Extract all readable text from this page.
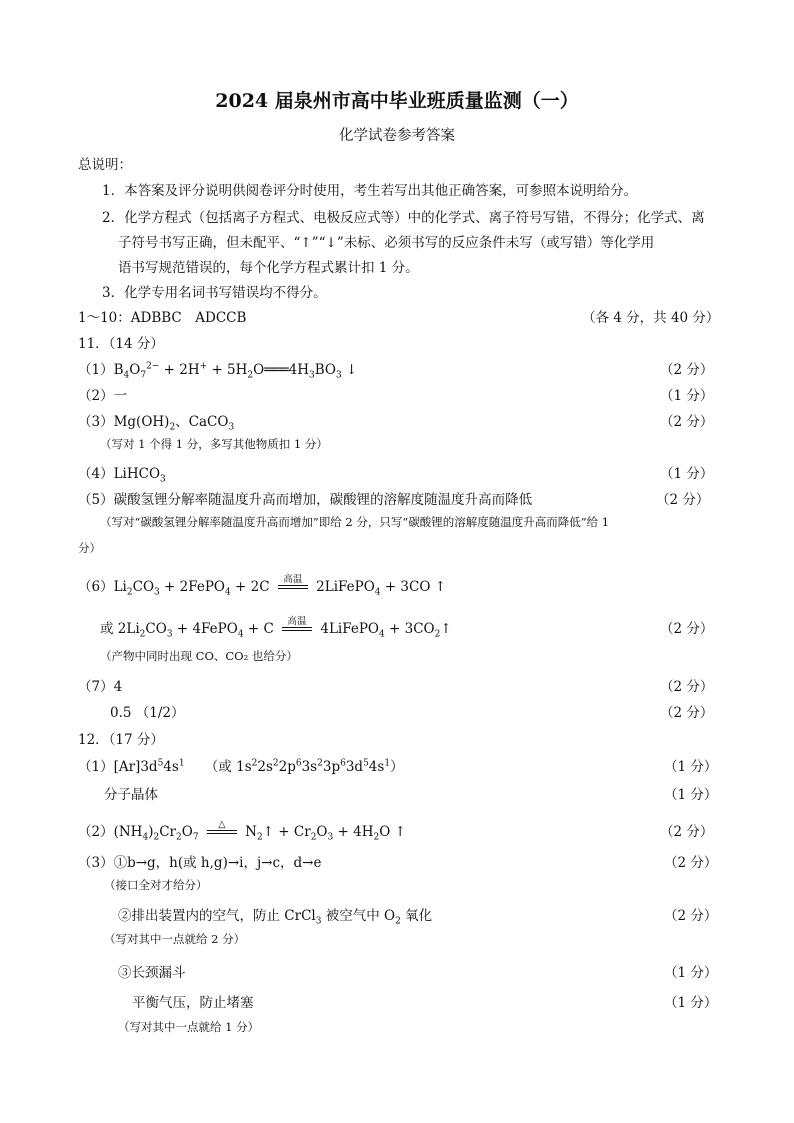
2024 届泉州市高中毕业班质量监测（一）
化学试卷参考答案
总说明：
1．本答案及评分说明供阅卷评分时使用，考生若写出其他正确答案，可参照本说明给分。
2．化学方程式（包括离子方程式、电极反应式等）中的化学式、离子符号写错，不得分；化学式、离
子符号书写正确，但未配平、“↑”“↓”未标、必须书写的反应条件未写（或写错）等化学用
语书写规范错误的，每个化学方程式累计扣 1 分。
3．化学专用名词书写错误均不得分。
1～10：ADBBC　ADCCB	（各 4 分，共 40 分）
11．（14 分）
$(1)B_4O_7^{2-} + 2H^+$ + $5H_2O═══4H_3BO_3$ ↓	（2 分）
（2）一	（1 分）
$(3)Mg(OH)_2$、CaCO$_3$	（2 分）
（写对 1 个得 1 分，多写其他物质扣 1 分）
（4）LiHCO$_3$	（1 分）
（5）碳酸氢锂分解率随温度升高而增加，碳酸锂的溶解度随温度升高而降低	（2 分）
（写对“碳酸氢锂分解率随温度升高而增加”即给 2 分，只写“碳酸锂的溶解度随温度升高而降低”给 1
分）
$(6)Li_2CO_3$ + 2FePO$_4$ + 2C 高温 2LiFePO$_4$ + 3CO ↑
或 $2Li_2CO_3$ + 4FePO$_4$ + C 高温 4LiFePO$_4$ + $3CO_2↑$	（2 分）
（产物中同时出现 CO、CO₂ 也给分）
（7）4	（2 分）
0.5 （1/2）	（2 分）
12．（17 分）
$(1)[Ar]3d^54s^1$　　（或 $1s^22s^22p^63s^23p^63d^54s^1$）	（1 分）
分子晶体	（1 分）
$(2)(NH_4)_2Cr_2O_7$
△	$N_2↑ + Cr_2O_3 + 4H_2O$ ↑	（2 分）
（3）①b→g，h(或 h,g)→i，j→c，d→e	（2 分）
（接口全对才给分）
②排出装置内的空气，防止 CrCl$_3$ 被空气中 $O_2$ 氧化	（2 分）
（写对其中一点就给 2 分）
③长颈漏斗	（1 分）
平衡气压，防止堵塞	（1 分）
（写对其中一点就给 1 分）
